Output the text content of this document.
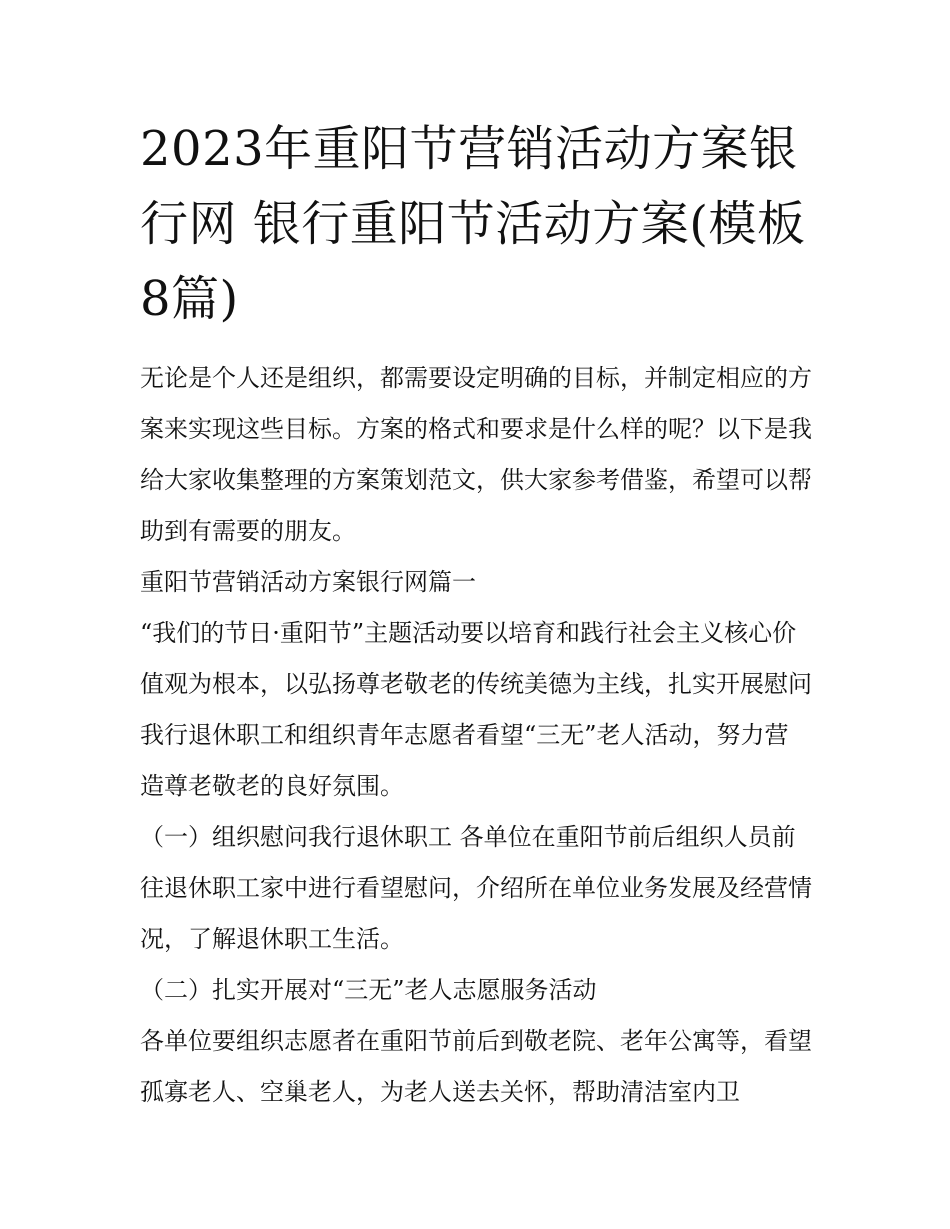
2023年重阳节营销活动方案银行网 银行重阳节活动方案(模板8篇)

无论是个人还是组织，都需要设定明确的目标，并制定相应的方案来实现这些目标。方案的格式和要求是什么样的呢？以下是我给大家收集整理的方案策划范文，供大家参考借鉴，希望可以帮助到有需要的朋友。

重阳节营销活动方案银行网篇一

“我们的节日·重阳节”主题活动要以培育和践行社会主义核心价值观为根本，以弘扬尊老敬老的传统美德为主线，扎实开展慰问我行退休职工和组织青年志愿者看望“三无”老人活动，努力营造尊老敬老的良好氛围。

（一）组织慰问我行退休职工 各单位在重阳节前后组织人员前往退休职工家中进行看望慰问，介绍所在单位业务发展及经营情况，了解退休职工生活。

（二）扎实开展对“三无”老人志愿服务活动

各单位要组织志愿者在重阳节前后到敬老院、老年公寓等，看望孤寡老人、空巢老人，为老人送去关怀，帮助清洁室内卫
